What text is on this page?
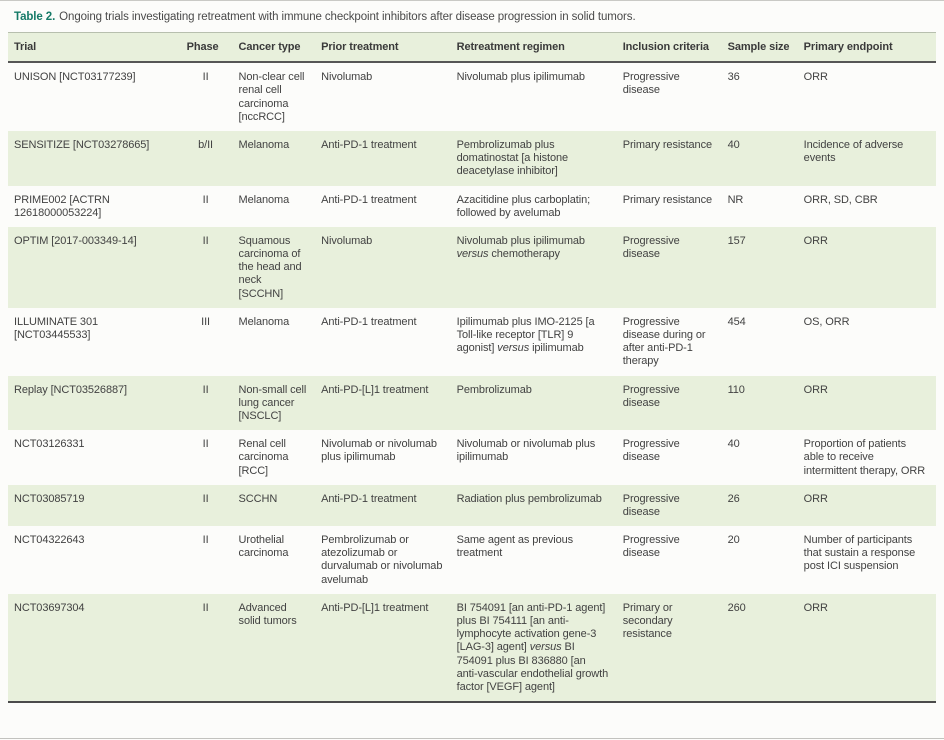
Table 2. Ongoing trials investigating retreatment with immune checkpoint inhibitors after disease progression in solid tumors.
Trial	Phase	Cancer type	Prior treatment	Retreatment regimen	Inclusion criteria	Sample size	Primary endpoint
UNISON [NCT03177239]	II	Non-clear cell renal cell carcinoma [nccRCC]	Nivolumab	Nivolumab plus ipilimumab	Progressive disease	36	ORR
SENSITIZE [NCT03278665]	b/II	Melanoma	Anti-PD-1 treatment	Pembrolizumab plus domatinostat [a histone deacetylase inhibitor]	Primary resistance	40	Incidence of adverse events
PRIME002 [ACTRN 12618000053224]	II	Melanoma	Anti-PD-1 treatment	Azacitidine plus carboplatin; followed by avelumab	Primary resistance	NR	ORR, SD, CBR
OPTIM [2017-003349-14]	II	Squamous carcinoma of the head and neck [SCCHN]	Nivolumab	Nivolumab plus ipilimumab versus chemotherapy	Progressive disease	157	ORR
ILLUMINATE 301 [NCT03445533]	III	Melanoma	Anti-PD-1 treatment	Ipilimumab plus IMO-2125 [a Toll-like receptor [TLR] 9 agonist] versus ipilimumab	Progressive disease during or after anti-PD-1 therapy	454	OS, ORR
Replay [NCT03526887]	II	Non-small cell lung cancer [NSCLC]	Anti-PD-[L]1 treatment	Pembrolizumab	Progressive disease	110	ORR
NCT03126331	II	Renal cell carcinoma [RCC]	Nivolumab or nivolumab plus ipilimumab	Nivolumab or nivolumab plus ipilimumab	Progressive disease	40	Proportion of patients able to receive intermittent therapy, ORR
NCT03085719	II	SCCHN	Anti-PD-1 treatment	Radiation plus pembrolizumab	Progressive disease	26	ORR
NCT04322643	II	Urothelial carcinoma	Pembrolizumab or atezolizumab or durvalumab or nivolumab avelumab	Same agent as previous treatment	Progressive disease	20	Number of participants that sustain a response post ICI suspension
NCT03697304	II	Advanced solid tumors	Anti-PD-[L]1 treatment	BI 754091 [an anti-PD-1 agent] plus BI 754111 [an anti-lymphocyte activation gene-3 [LAG-3] agent] versus BI 754091 plus BI 836880 [an anti-vascular endothelial growth factor [VEGF] agent]	Primary or secondary resistance	260	ORR
